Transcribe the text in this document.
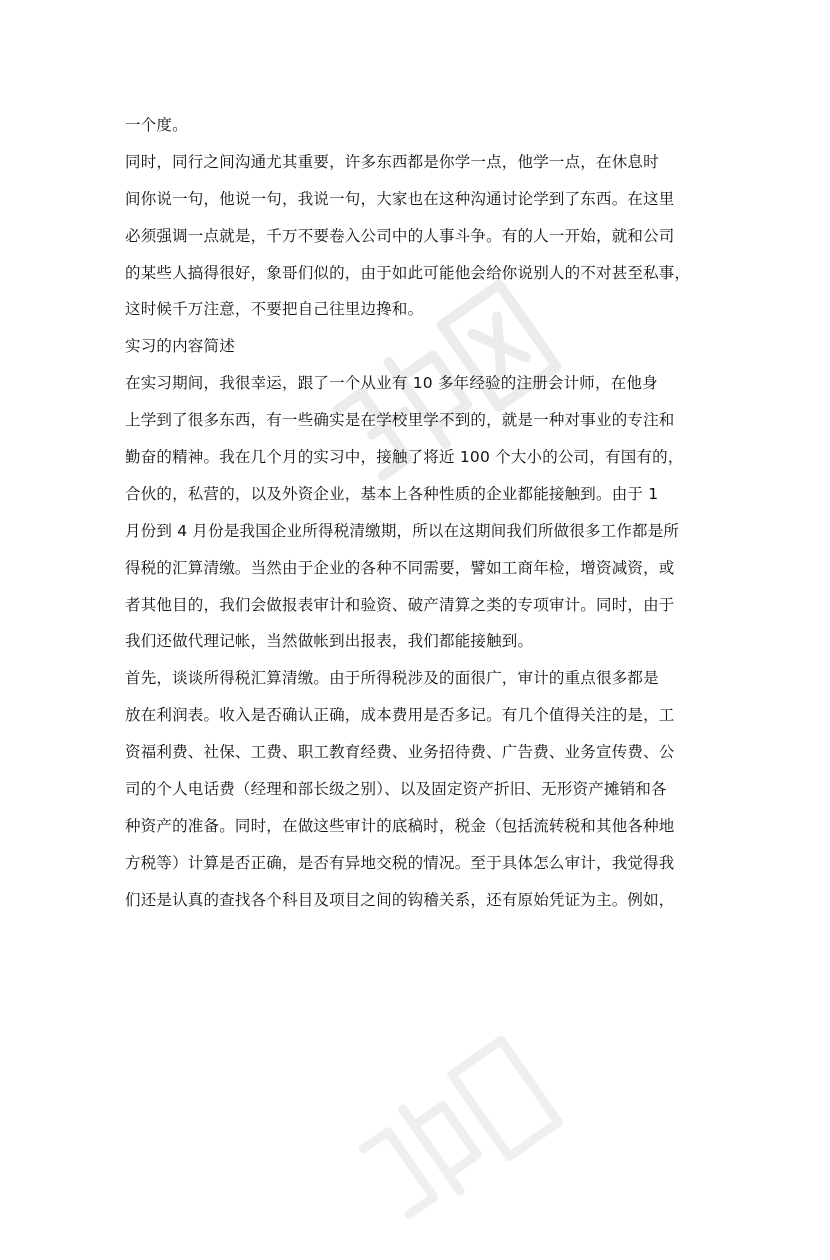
一个度。
同时，同行之间沟通尤其重要，许多东西都是你学一点，他学一点，在休息时
间你说一句，他说一句，我说一句，大家也在这种沟通讨论学到了东西。在这里
必须强调一点就是，千万不要卷入公司中的人事斗争。有的人一开始，就和公司
的某些人搞得很好，象哥们似的，由于如此可能他会给你说别人的不对甚至私事，
这时候千万注意，不要把自己往里边搀和。
实习的内容简述
在实习期间，我很幸运，跟了一个从业有 10 多年经验的注册会计师，在他身
上学到了很多东西，有一些确实是在学校里学不到的，就是一种对事业的专注和
勤奋的精神。我在几个月的实习中，接触了将近 100 个大小的公司，有国有的，
合伙的，私营的，以及外资企业，基本上各种性质的企业都能接触到。由于 1
月份到 4 月份是我国企业所得税清缴期，所以在这期间我们所做很多工作都是所
得税的汇算清缴。当然由于企业的各种不同需要，譬如工商年检，增资减资，或
者其他目的，我们会做报表审计和验资、破产清算之类的专项审计。同时，由于
我们还做代理记帐，当然做帐到出报表，我们都能接触到。
首先，谈谈所得税汇算清缴。由于所得税涉及的面很广，审计的重点很多都是
放在利润表。收入是否确认正确，成本费用是否多记。有几个值得关注的是，工
资福利费、社保、工费、职工教育经费、业务招待费、广告费、业务宣传费、公
司的个人电话费（经理和部长级之别）、以及固定资产折旧、无形资产摊销和各
种资产的准备。同时，在做这些审计的底稿时，税金（包括流转税和其他各种地
方税等）计算是否正确，是否有异地交税的情况。至于具体怎么审计，我觉得我
们还是认真的查找各个科目及项目之间的钩稽关系，还有原始凭证为主。例如，
